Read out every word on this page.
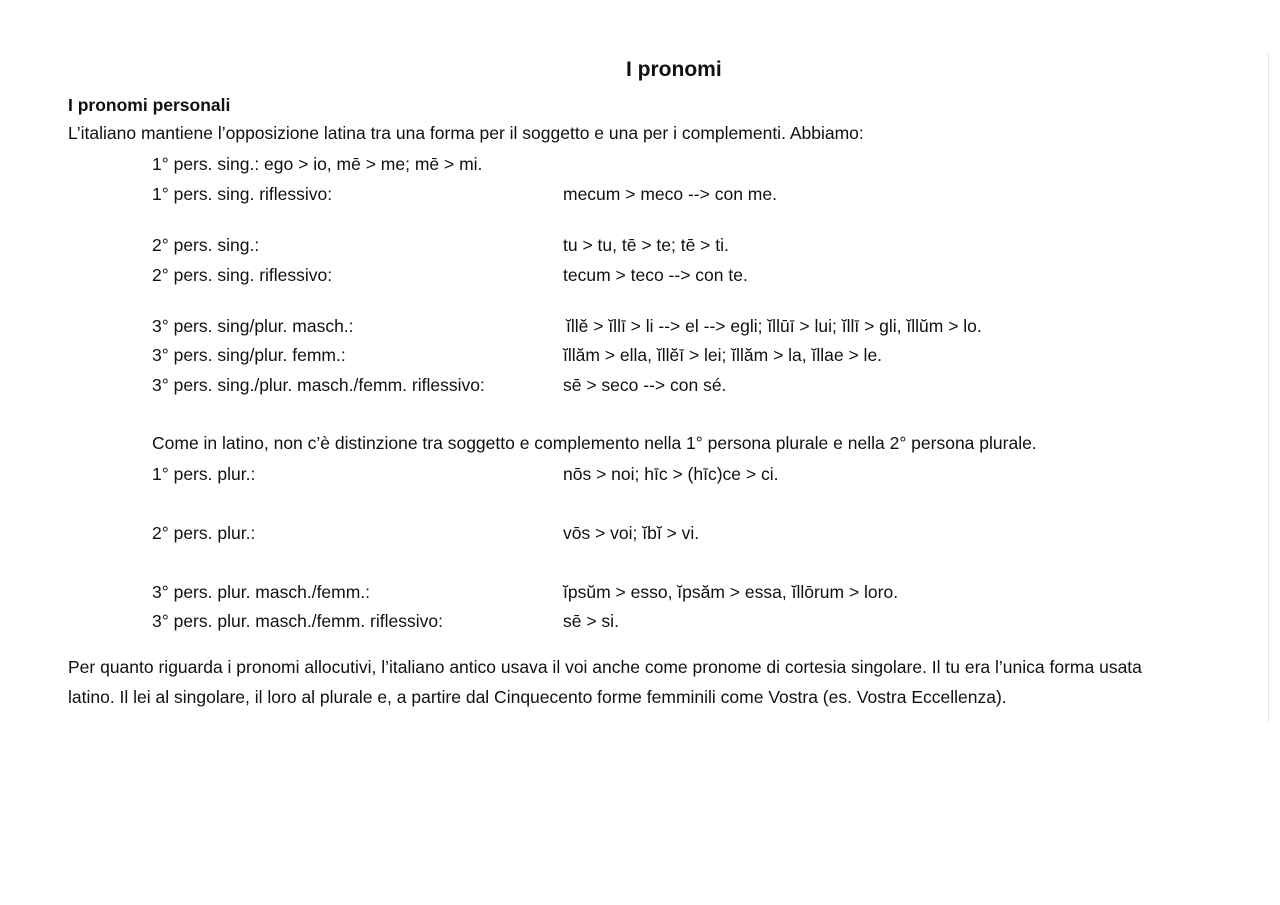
I pronomi
I pronomi personali
L’italiano mantiene l’opposizione latina tra una forma per il soggetto e una per i complementi. Abbiamo:
1° pers. sing.: ego > io, mē > me; mē > mi.
1° pers. sing. riflessivo:	mecum > meco --> con me.
2° pers. sing.:	tu > tu, tē > te; tē > ti.
2° pers. sing. riflessivo:	tecum > teco --> con te.
3° pers. sing/plur. masch.:	ĭllĕ > ĭllī > li --> el --> egli; ĭllūī > lui; ĭllī > gli, ĭllŭm > lo.
3° pers. sing/plur. femm.:	ĭllăm > ella, ĭllĕī > lei; ĭllăm > la, ĭllae > le.
3° pers. sing./plur. masch./femm. riflessivo:	sē > seco --> con sé.
Come in latino, non c’è distinzione tra soggetto e complemento nella 1° persona plurale e nella 2° persona plurale.
1° pers. plur.:	nōs > noi; hīc > (hīc)ce > ci.
2° pers. plur.:	vōs > voi; ĭbĭ > vi.
3° pers. plur. masch./femm.:	ĭpsŭm > esso, ĭpsăm > essa, ĭllōrum > loro.
3° pers. plur. masch./femm. riflessivo:	sē > si.
Per quanto riguarda i pronomi allocutivi, l’italiano antico usava il voi anche come pronome di cortesia singolare. Il tu era l’unica forma usata
latino. Il lei al singolare, il loro al plurale e, a partire dal Cinquecento forme femminili come Vostra (es. Vostra Eccellenza).
